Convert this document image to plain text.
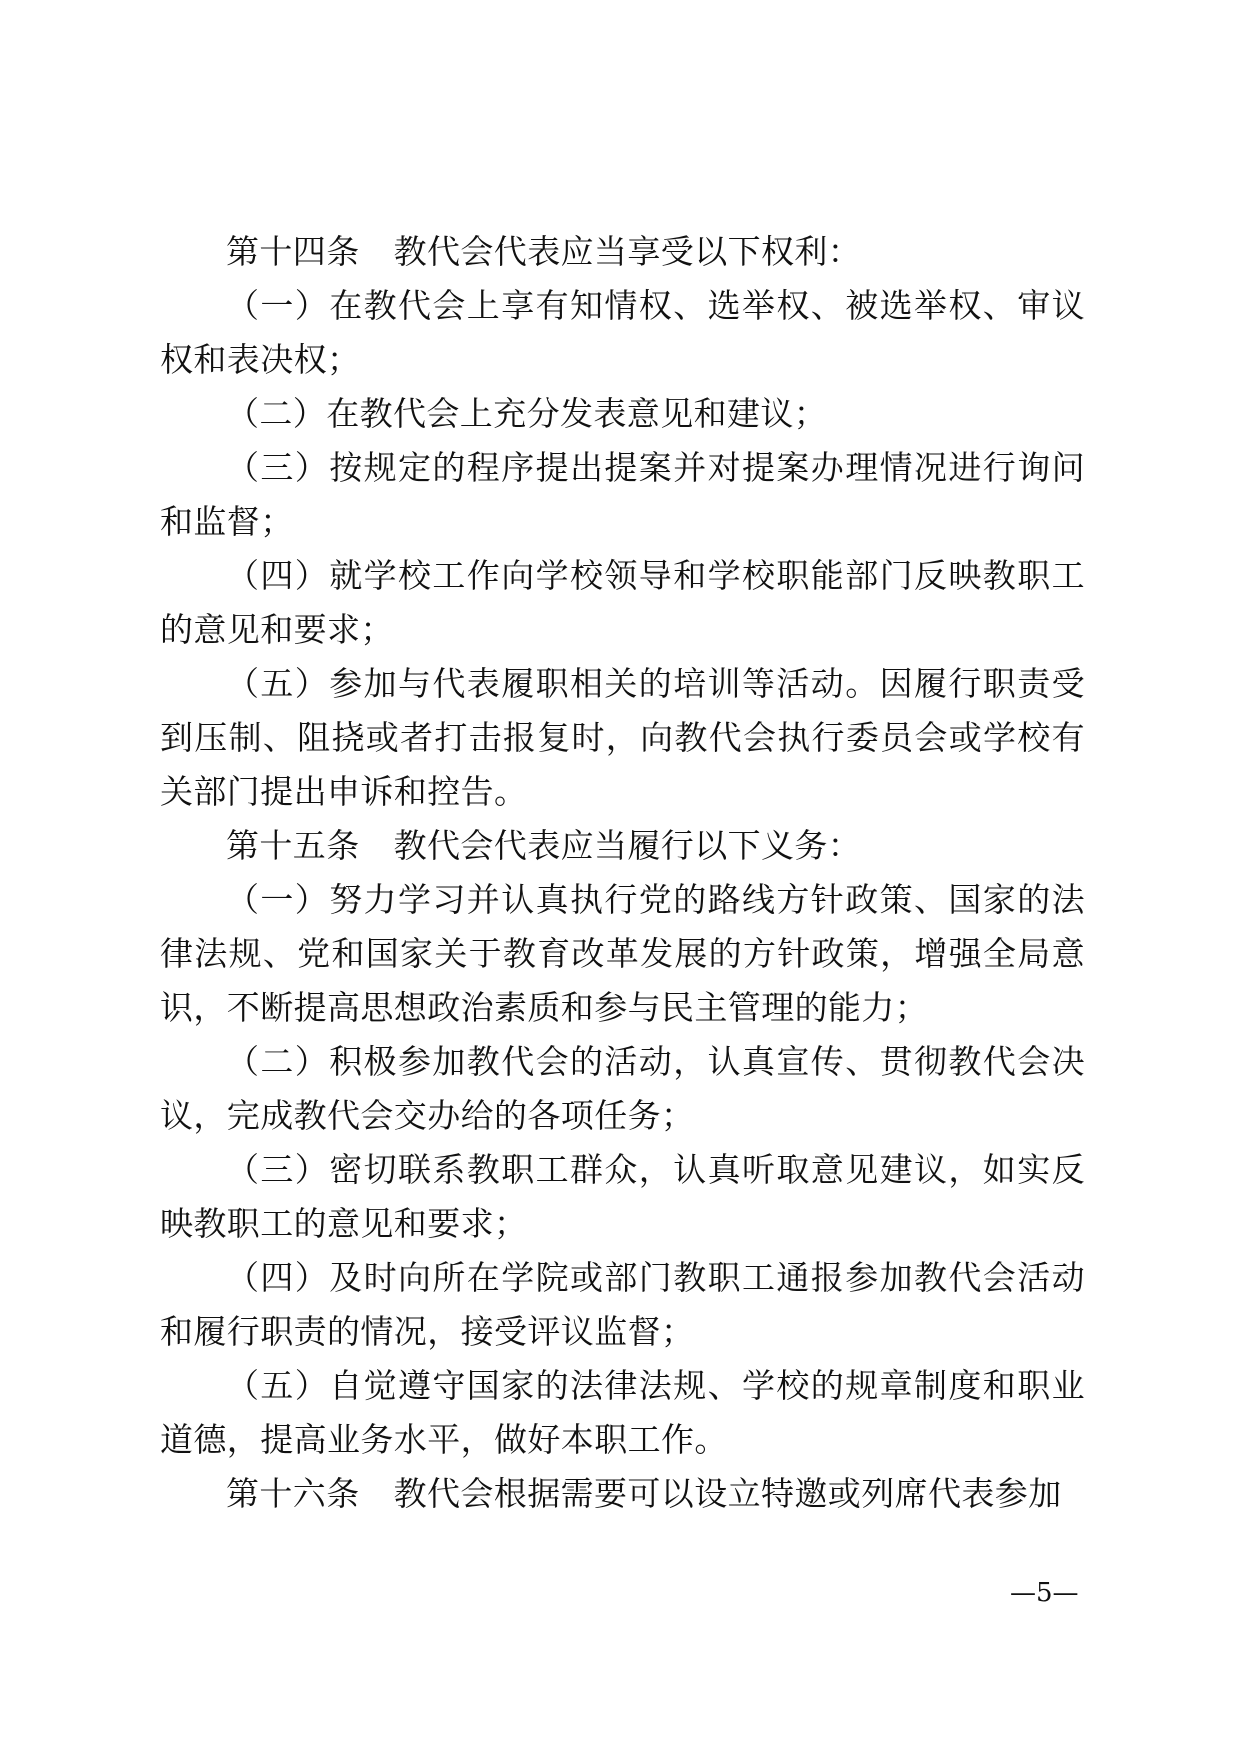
第十四条 教代会代表应当享受以下权利：

（一）在教代会上享有知情权、选举权、被选举权、审议权和表决权；

（二）在教代会上充分发表意见和建议；

（三）按规定的程序提出提案并对提案办理情况进行询问和监督；

（四）就学校工作向学校领导和学校职能部门反映教职工的意见和要求；

（五）参加与代表履职相关的培训等活动。因履行职责受到压制、阻挠或者打击报复时，向教代会执行委员会或学校有关部门提出申诉和控告。

第十五条 教代会代表应当履行以下义务：

（一）努力学习并认真执行党的路线方针政策、国家的法律法规、党和国家关于教育改革发展的方针政策，增强全局意识，不断提高思想政治素质和参与民主管理的能力；

（二）积极参加教代会的活动，认真宣传、贯彻教代会决议，完成教代会交办给的各项任务；

（三）密切联系教职工群众，认真听取意见建议，如实反映教职工的意见和要求；

（四）及时向所在学院或部门教职工通报参加教代会活动和履行职责的情况，接受评议监督；

（五）自觉遵守国家的法律法规、学校的规章制度和职业道德，提高业务水平，做好本职工作。

第十六条 教代会根据需要可以设立特邀或列席代表参加

—5—
